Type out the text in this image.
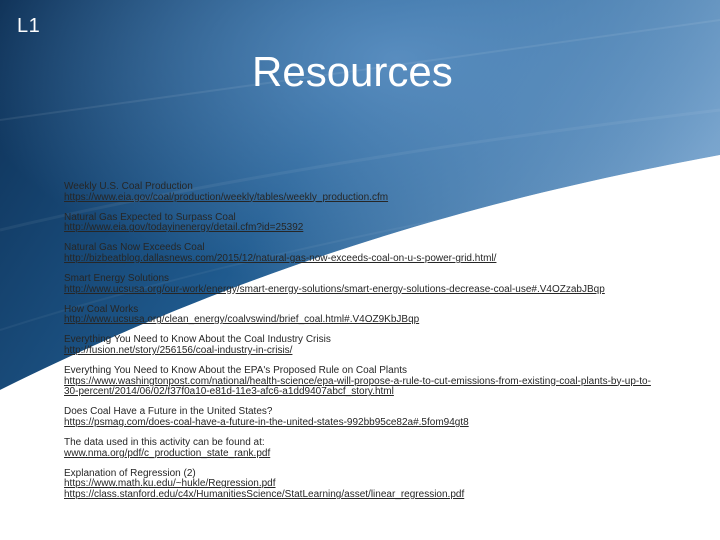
L1
Resources
Weekly U.S. Coal Production
https://www.eia.gov/coal/production/weekly/tables/weekly_production.cfm
Natural Gas Expected to Surpass Coal
http://www.eia.gov/todayinenergy/detail.cfm?id=25392
Natural Gas Now Exceeds Coal
http://bizbeatblog.dallasnews.com/2015/12/natural-gas-now-exceeds-coal-on-u-s-power-grid.html/
Smart Energy Solutions
http://www.ucsusa.org/our-work/energy/smart-energy-solutions/smart-energy-solutions-decrease-coal-use#.V4OZzabJBqp
How Coal Works
http://www.ucsusa.org/clean_energy/coalvswind/brief_coal.html#.V4OZ9KbJBqp
Everything You Need to Know About the Coal Industry Crisis
http://fusion.net/story/256156/coal-industry-in-crisis/
Everything You Need to Know About the EPA's Proposed Rule on Coal Plants
https://www.washingtonpost.com/national/health-science/epa-will-propose-a-rule-to-cut-emissions-from-existing-coal-plants-by-up-to-30-percent/2014/06/02/f37f0a10-e81d-11e3-afc6-a1dd9407abcf_story.html
Does Coal Have a Future in the United States?
https://psmag.com/does-coal-have-a-future-in-the-united-states-992bb95ce82a#.5fom94gt8
The data used in this activity can be found at:
www.nma.org/pdf/c_production_state_rank.pdf
Explanation of Regression (2)
https://www.math.ku.edu/~hukle/Regression.pdf
https://class.stanford.edu/c4x/HumanitiesScience/StatLearning/asset/linear_regression.pdf
